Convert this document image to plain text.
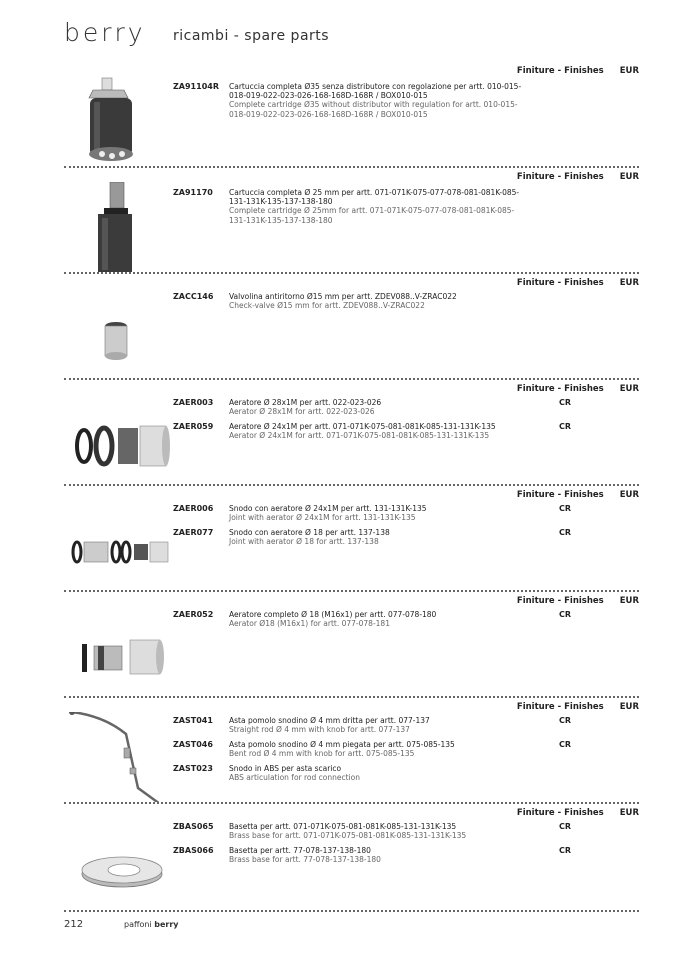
berry ricambi - spare parts
Finiture - Finishes EUR
ZA91104R	Cartuccia completa Ø35 senza distributore con regolazione per artt. 010-015-018-019-022-023-026-168-168D-168R / BOX010-015
Complete cartridge Ø35 without distributor with regulation for artt. 010-015-018-019-022-023-026-168-168D-168R / BOX010-015
Finiture - Finishes EUR
ZA91170	Cartuccia completa Ø 25 mm per artt. 071-071K-075-077-078-081-081K-085-131-131K-135-137-138-180
Complete cartridge Ø 25mm for artt. 071-071K-075-077-078-081-081K-085-131-131K-135-137-138-180
Finiture - Finishes EUR
ZACC146	Valvolina antiritorno Ø15 mm per artt. ZDEV088..V-ZRAC022
Check-valve Ø15 mm for artt. ZDEV088..V-ZRAC022
Finiture - Finishes EUR
ZAER003	Aeratore Ø 28x1M per artt. 022-023-026
Aerator Ø 28x1M for artt. 022-023-026
CR
ZAER059	Aeratore Ø 24x1M per artt. 071-071K-075-081-081K-085-131-131K-135
Aerator Ø 24x1M for artt. 071-071K-075-081-081K-085-131-131K-135
CR
Finiture - Finishes EUR
ZAER006	Snodo con aeratore Ø 24x1M per artt. 131-131K-135
Joint with aerator Ø 24x1M for artt. 131-131K-135
CR
ZAER077	Snodo con aeratore Ø 18 per artt. 137-138
Joint with aerator Ø 18 for artt. 137-138
CR
Finiture - Finishes EUR
ZAER052	Aeratore completo Ø 18 (M16x1) per artt. 077-078-180
Aerator Ø18 (M16x1) for artt. 077-078-181
CR
Finiture - Finishes EUR
ZAST041	Asta pomolo snodino Ø 4 mm dritta per artt. 077-137
Straight rod Ø 4 mm with knob for artt. 077-137
CR
ZAST046	Asta pomolo snodino Ø 4 mm piegata per artt. 075-085-135
Bent rod Ø 4 mm with knob for artt. 075-085-135
CR
ZAST023	Snodo in ABS per asta scarico
ABS articulation for rod connection
Finiture - Finishes EUR
ZBAS065	Basetta per artt. 071-071K-075-081-081K-085-131-131K-135
Brass base for artt. 071-071K-075-081-081K-085-131-131K-135
CR
ZBAS066	Basetta per artt. 77-078-137-138-180
Brass base for artt. 77-078-137-138-180
CR
212	paffoni berry
